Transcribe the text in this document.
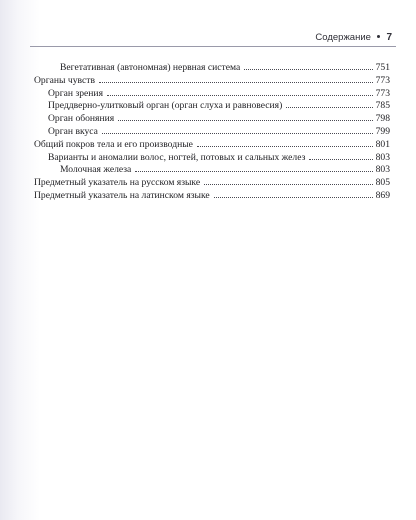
Содержание 7
Вегетативная (автономная) нервная система	751
Органы чувств	773
Орган зрения	773
Преддверно-улитковый орган (орган слуха и равновесия)	785
Орган обоняния	798
Орган вкуса	799
Общий покров тела и его производные	801
Варианты и аномалии волос, ногтей, потовых и сальных желез	803
Молочная железа	803
Предметный указатель на русском языке	805
Предметный указатель на латинском языке	869
